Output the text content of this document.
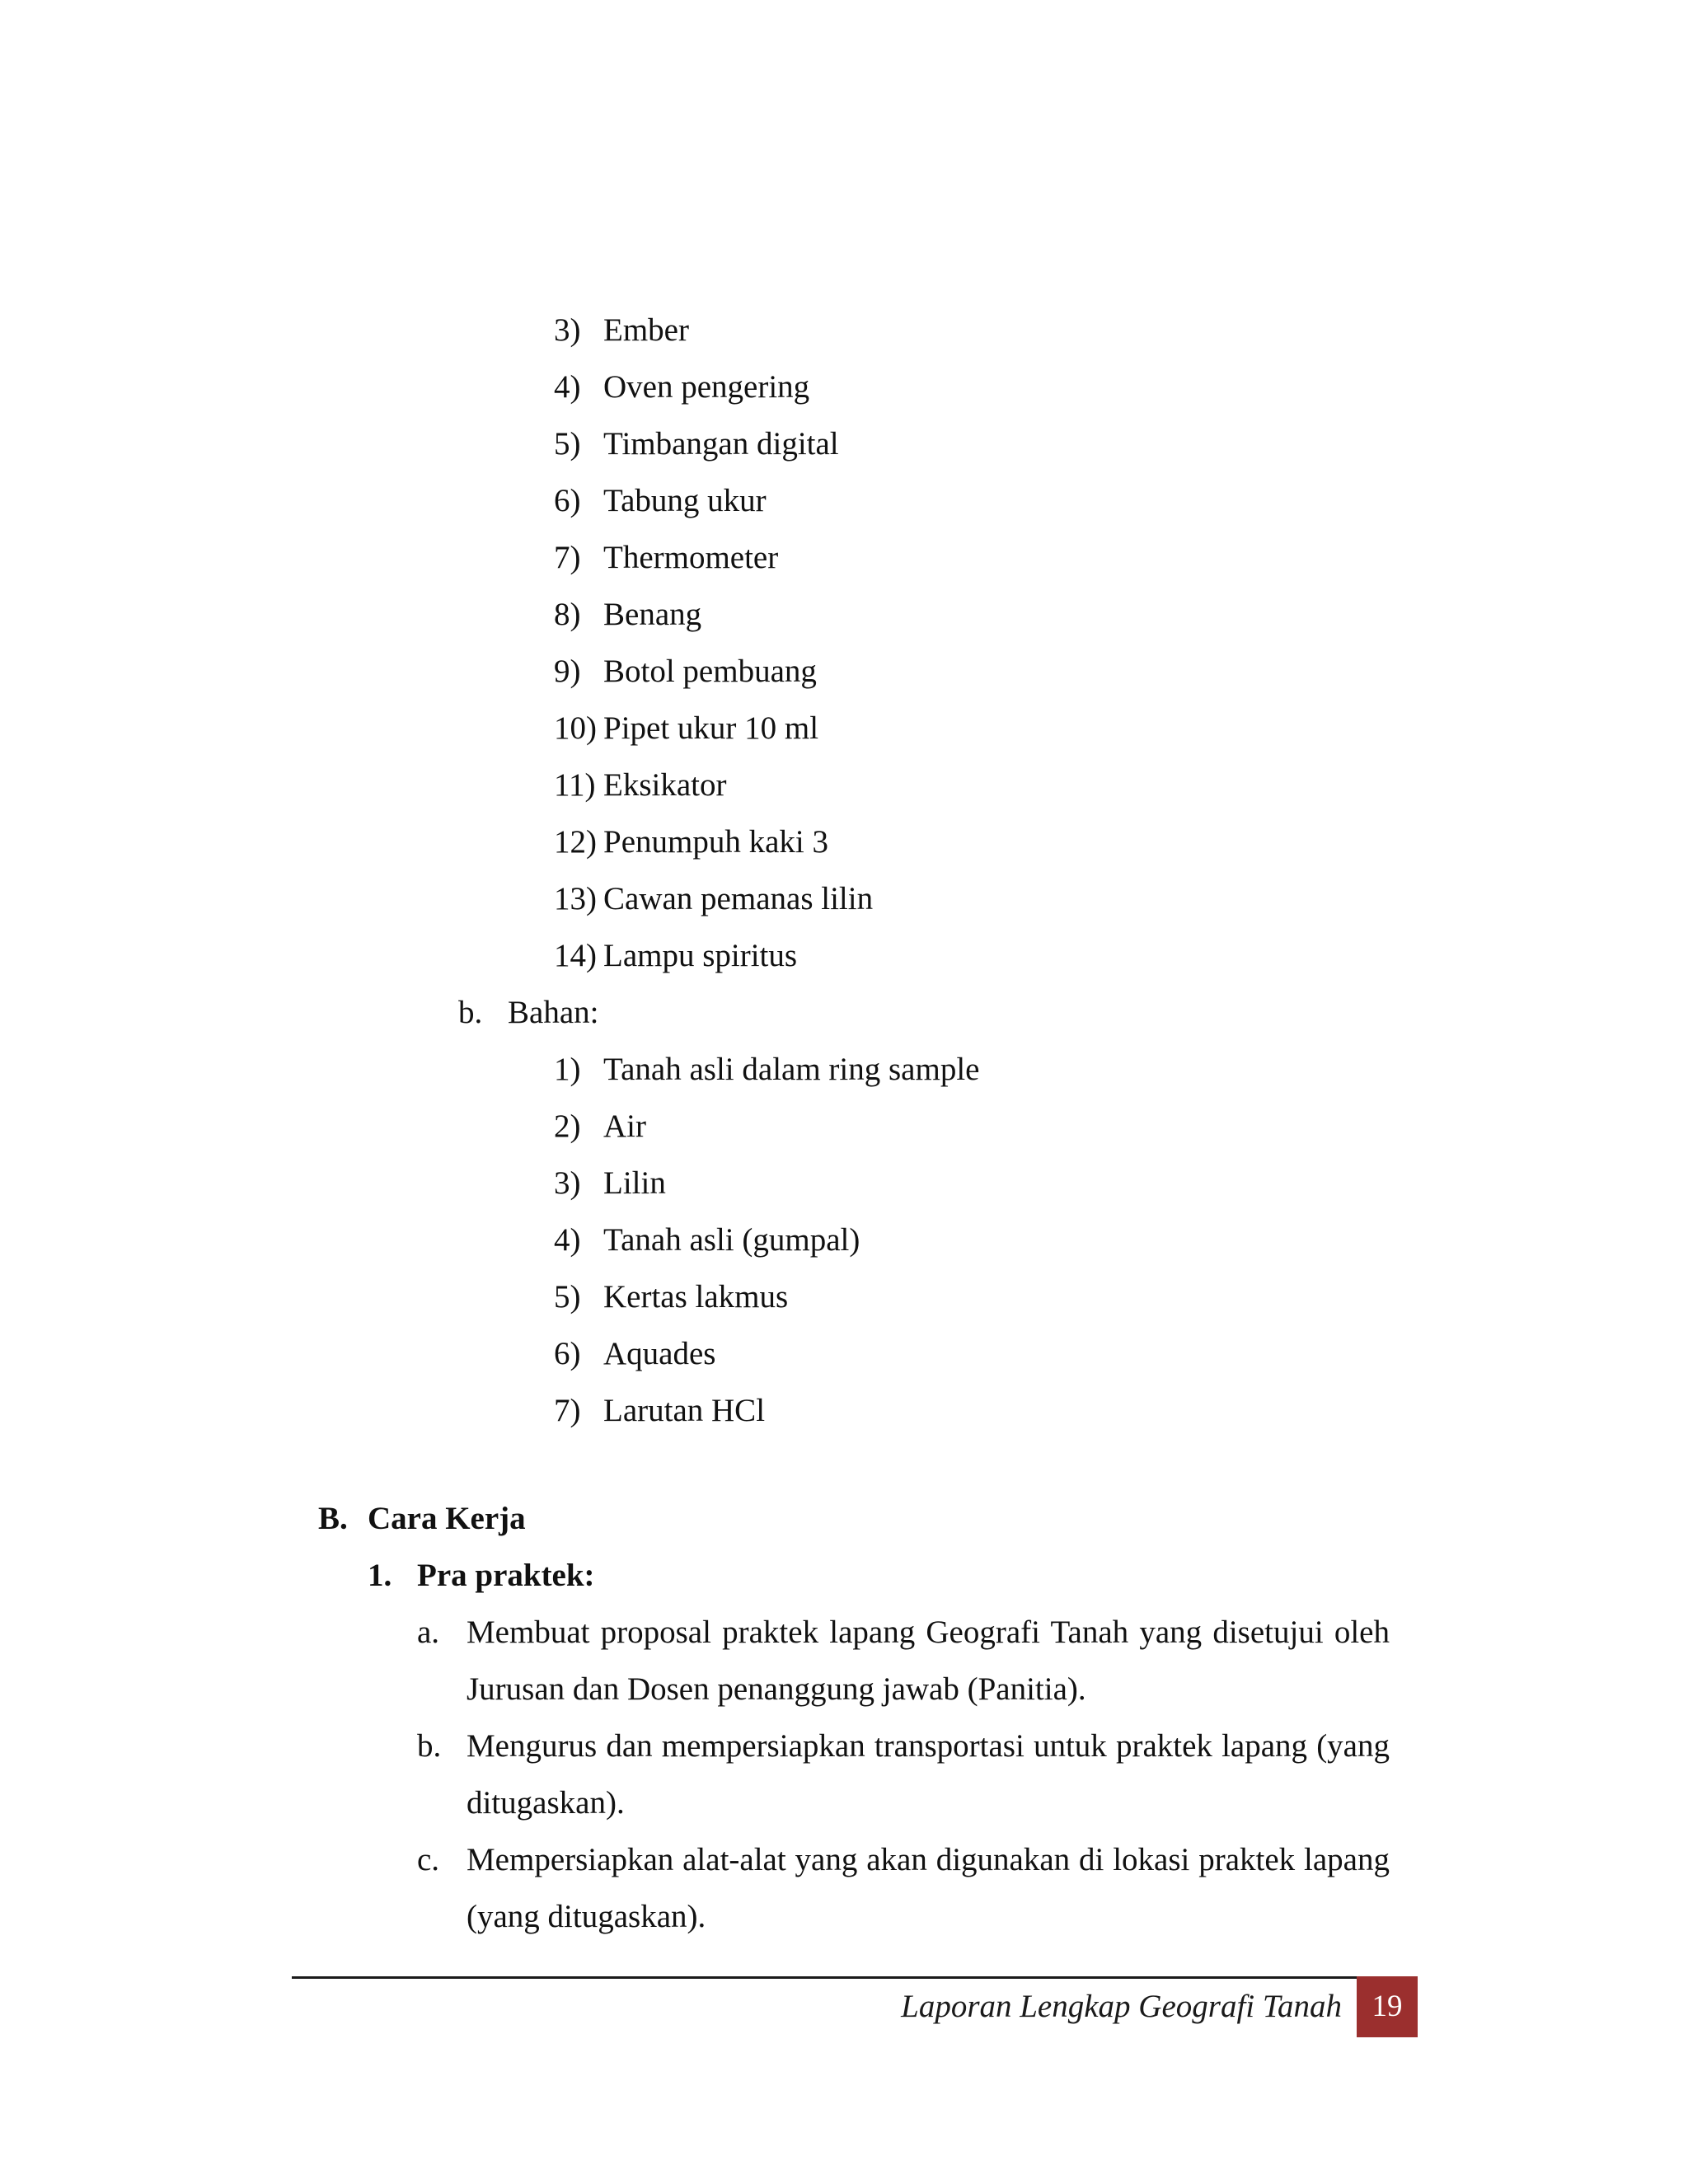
3) Ember
4) Oven pengering
5) Timbangan digital
6) Tabung ukur
7) Thermometer
8) Benang
9) Botol pembuang
10) Pipet ukur 10 ml
11) Eksikator
12) Penumpuh kaki 3
13) Cawan pemanas lilin
14) Lampu spiritus
b. Bahan:
1) Tanah asli dalam ring sample
2) Air
3) Lilin
4) Tanah asli (gumpal)
5) Kertas lakmus
6) Aquades
7) Larutan HCl
B. Cara Kerja
1. Pra praktek:
a. Membuat proposal praktek lapang Geografi Tanah yang disetujui oleh Jurusan dan Dosen penanggung jawab (Panitia).
b. Mengurus dan mempersiapkan transportasi untuk praktek lapang (yang ditugaskan).
c. Mempersiapkan alat-alat yang akan digunakan di lokasi praktek lapang (yang ditugaskan).
Laporan Lengkap Geografi Tanah 19
